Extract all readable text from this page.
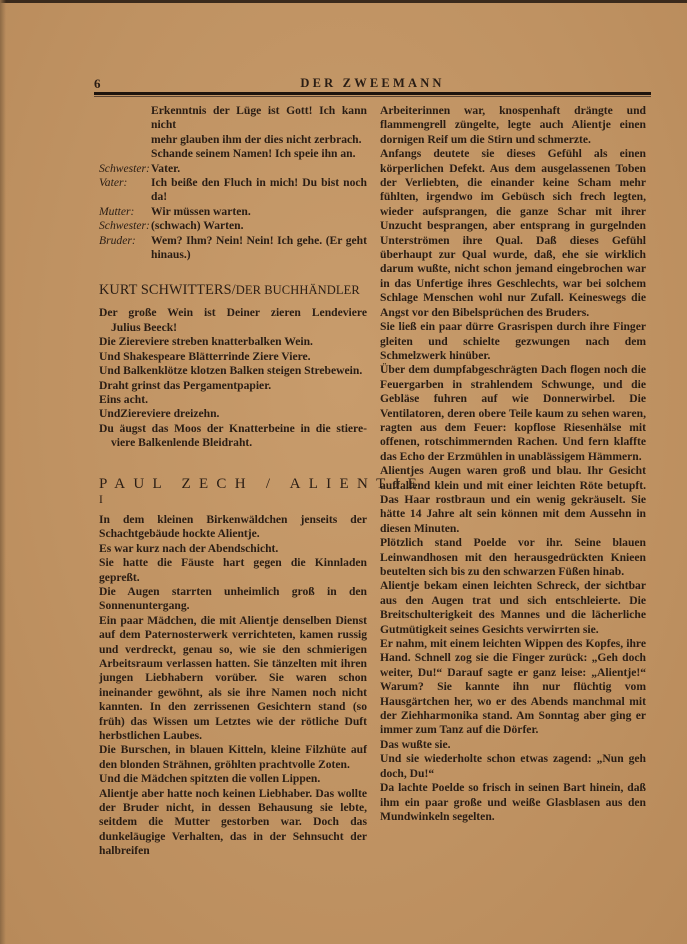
6	DER ZWEEMANN

Erkenntnis der Lüge ist Gott! Ich kann nicht

mehr glauben ihm der dies nicht zerbrach.

Schande seinem Namen! Ich speie ihn an.

Schwester: Vater.
Vater:	Ich beiße den Fluch in mich! Du bist noch da!
Mutter:	Wir müssen warten.
Schwester: (schwach) Warten.
Bruder:	Wem? Ihm? Nein! Nein! Ich gehe. (Er geht hinaus.)

KURT SCHWITTERS/DER BUCHHÄNDLER

Der große Wein ist Deiner zieren Lendeviere

Julius Beeck!

Die Ziereviere streben knatterbalken Wein.

Und Shakespeare Blätterrinde Ziere Viere.

Und Balkenklötze klotzen Balken steigen Strebewein.

Draht grinst das Pergamentpapier.

Eins acht.

UndZiereviere dreizehn.

Du äugst das Moos der Knatterbeine in die stiere-

viere Balkenlende Bleidraht.

PAUL ZECH / ALIENTJE

I

In dem kleinen Birkenwäldchen jenseits der Schachtgebäude hockte Alientje.

Es war kurz nach der Abendschicht.

Sie hatte die Fäuste hart gegen die Kinnladen gepreßt.

Die Augen starrten unheimlich groß in den Sonnenuntergang.

Ein paar Mädchen, die mit Alientje denselben Dienst auf dem Paternosterwerk verrichteten, kamen russig und verdreckt, genau so, wie sie den schmierigen Arbeitsraum verlassen hatten. Sie tänzelten mit ihren jungen Liebhabern vorüber. Sie waren schon ineinander gewöhnt, als sie ihre Namen noch nicht kannten. In den zerrissenen Gesichtern stand (so früh) das Wissen um Letztes wie der rötliche Duft herbstlichen Laubes.

Die Burschen, in blauen Kitteln, kleine Filzhüte auf den blonden Strähnen, gröhlten prachtvolle Zoten.

Und die Mädchen spitzten die vollen Lippen.

Alientje aber hatte noch keinen Liebhaber. Das wollte der Bruder nicht, in dessen Behausung sie lebte, seitdem die Mutter gestorben war. Doch das dunkeläugige Verhalten, das in der Sehnsucht der halbreifen

Arbeiterinnen war, knospenhaft drängte und flammengrell züngelte, legte auch Alientje einen dornigen Reif um die Stirn und schmerzte.

Anfangs deutete sie dieses Gefühl als einen körperlichen Defekt. Aus dem ausgelassenen Toben der Verliebten, die einander keine Scham mehr fühlten, irgendwo im Gebüsch sich frech legten, wieder aufsprangen, die ganze Schar mit ihrer Unzucht besprangen, aber entsprang in gurgelnden Unterströmen ihre Qual. Daß dieses Gefühl überhaupt zur Qual wurde, daß, ehe sie wirklich darum wußte, nicht schon jemand eingebrochen war in das Unfertige ihres Geschlechts, war bei solchem Schlage Menschen wohl nur Zufall. Keineswegs die Angst vor den Bibelsprüchen des Bruders.

Sie ließ ein paar dürre Grasrispen durch ihre Finger gleiten und schielte gezwungen nach dem Schmelzwerk hinüber.

Über dem dumpfabgeschrägten Dach flogen noch die Feuergarben in strahlendem Schwunge, und die Gebläse fuhren auf wie Donnerwirbel. Die Ventilatoren, deren obere Teile kaum zu sehen waren, ragten aus dem Feuer: kopflose Riesenhälse mit offenen, rotschimmernden Rachen. Und fern klaffte das Echo der Erzmühlen in unablässigem Hämmern.

Alientjes Augen waren groß und blau. Ihr Gesicht auffallend klein und mit einer leichten Röte betupft. Das Haar rostbraun und ein wenig gekräuselt. Sie hätte 14 Jahre alt sein können mit dem Aussehn in diesen Minuten.

Plötzlich stand Poelde vor ihr. Seine blauen Leinwandhosen mit den herausgedrückten Knieen beutelten sich bis zu den schwarzen Füßen hinab.

Alientje bekam einen leichten Schreck, der sichtbar aus den Augen trat und sich entschleierte. Die Breitschulterigkeit des Mannes und die lächerliche Gutmütigkeit seines Gesichts verwirrten sie.

Er nahm, mit einem leichten Wippen des Kopfes, ihre Hand. Schnell zog sie die Finger zurück: „Geh doch weiter, Du!“ Darauf sagte er ganz leise: „Alientje!“ Warum? Sie kannte ihn nur flüchtig vom Hausgärtchen her, wo er des Abends manchmal mit der Ziehharmonika stand. Am Sonntag aber ging er immer zum Tanz auf die Dörfer.

Das wußte sie.

Und sie wiederholte schon etwas zagend: „Nun geh doch, Du!“

Da lachte Poelde so frisch in seinen Bart hinein, daß ihm ein paar große und weiße Glasblasen aus den Mundwinkeln segelten.
